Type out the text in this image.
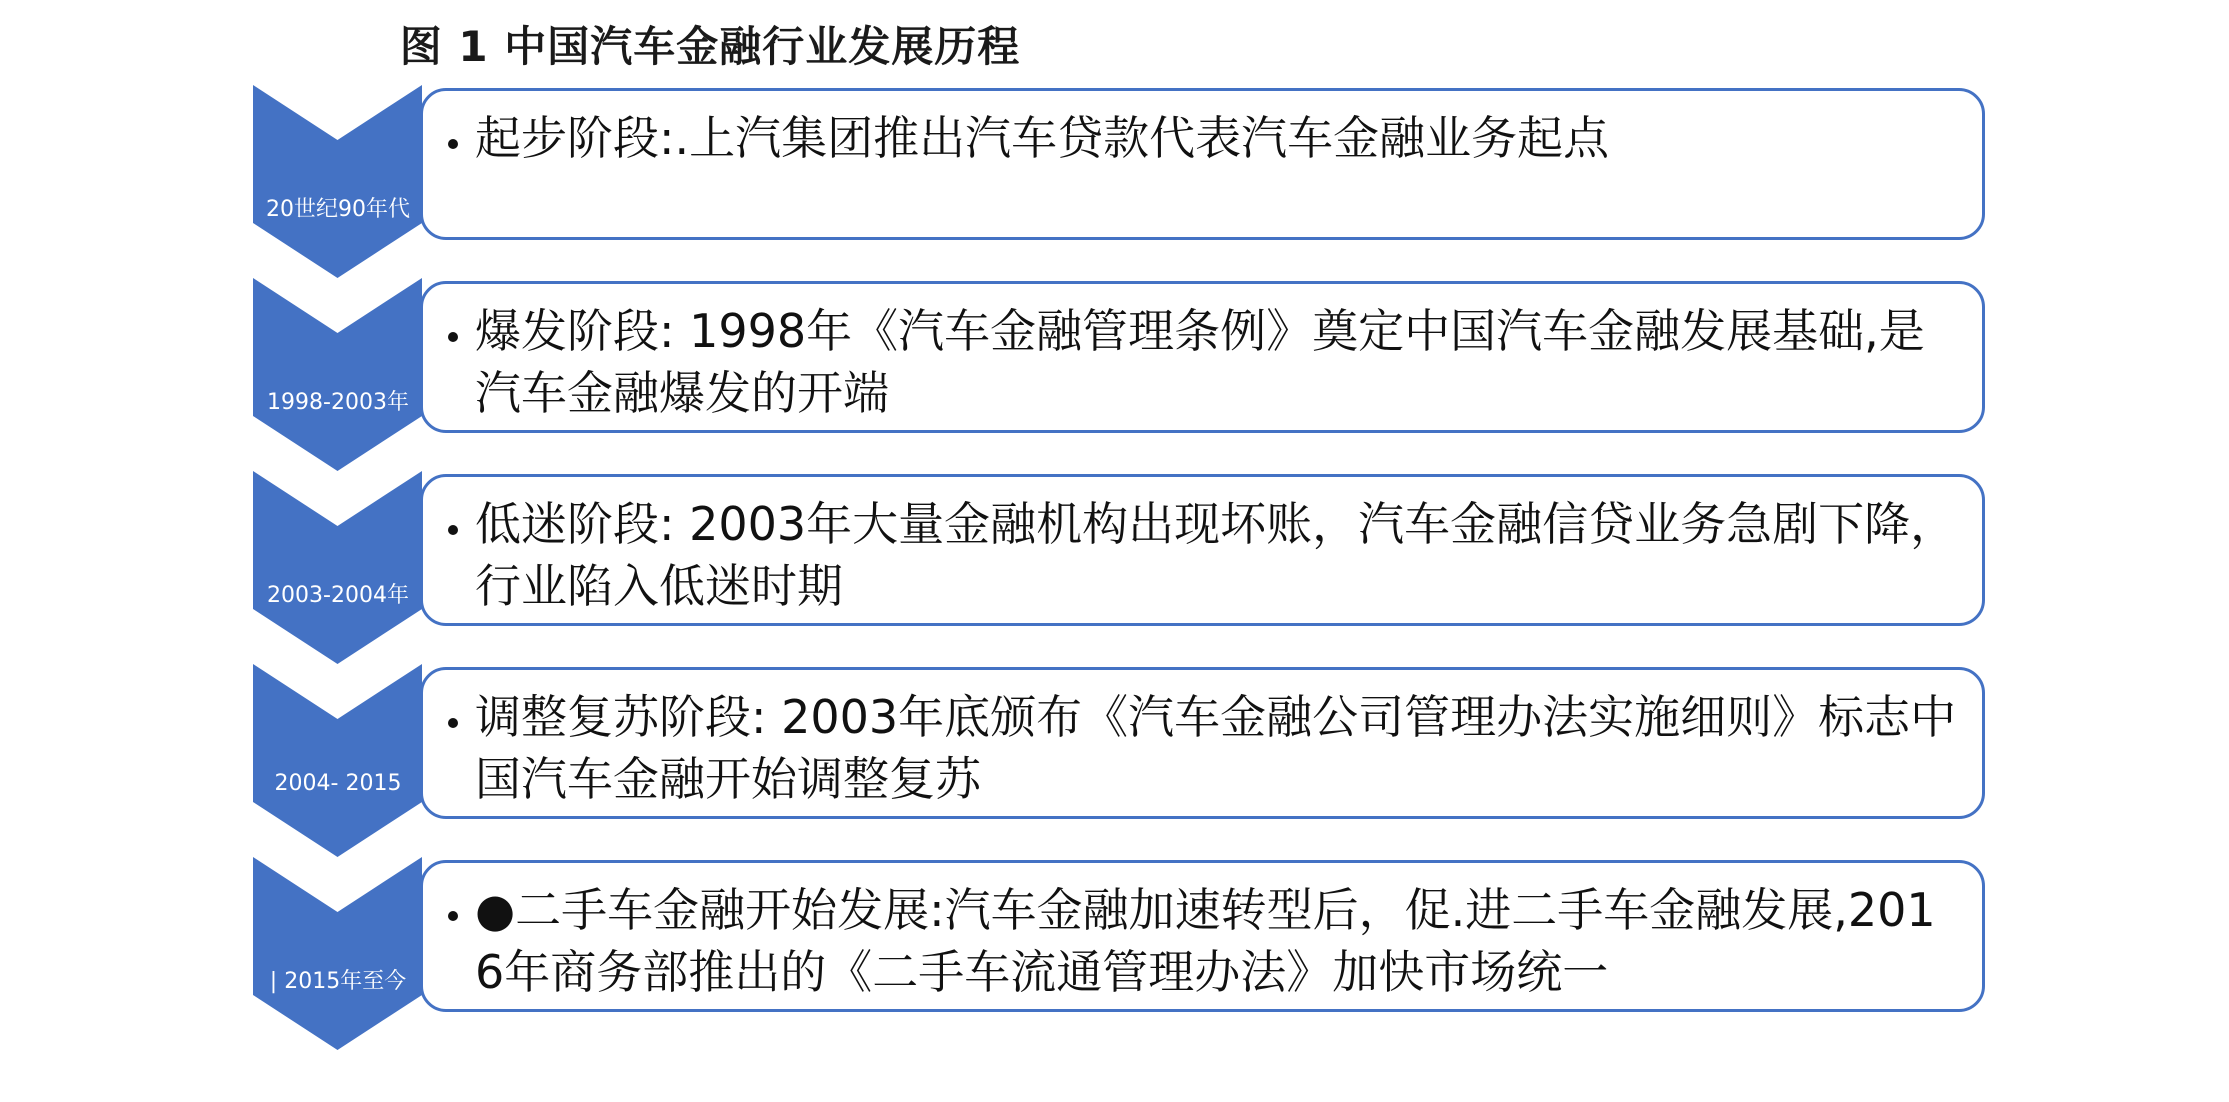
图 1 中国汽车金融行业发展历程
20世纪90年代
• 起步阶段:.上汽集团推出汽车贷款代表汽车金融业务起点
1998-2003年
• 爆发阶段: 1998年《汽车金融管理条例》奠定中国汽车金融发展基础,是汽车金融爆发的开端
2003-2004年
• 低迷阶段: 2003年大量金融机构出现坏账，汽车金融信贷业务急剧下降，行业陷入低迷时期
2004- 2015
• 调整复苏阶段: 2003年底颁布《汽车金融公司管理办法实施细则》标志中国汽车金融开始调整复苏
| 2015年至今
• ●二手车金融开始发展:汽车金融加速转型后，促.进二手车金融发展,201 6年商务部推出的《二手车流通管理办法》加快市场统一
